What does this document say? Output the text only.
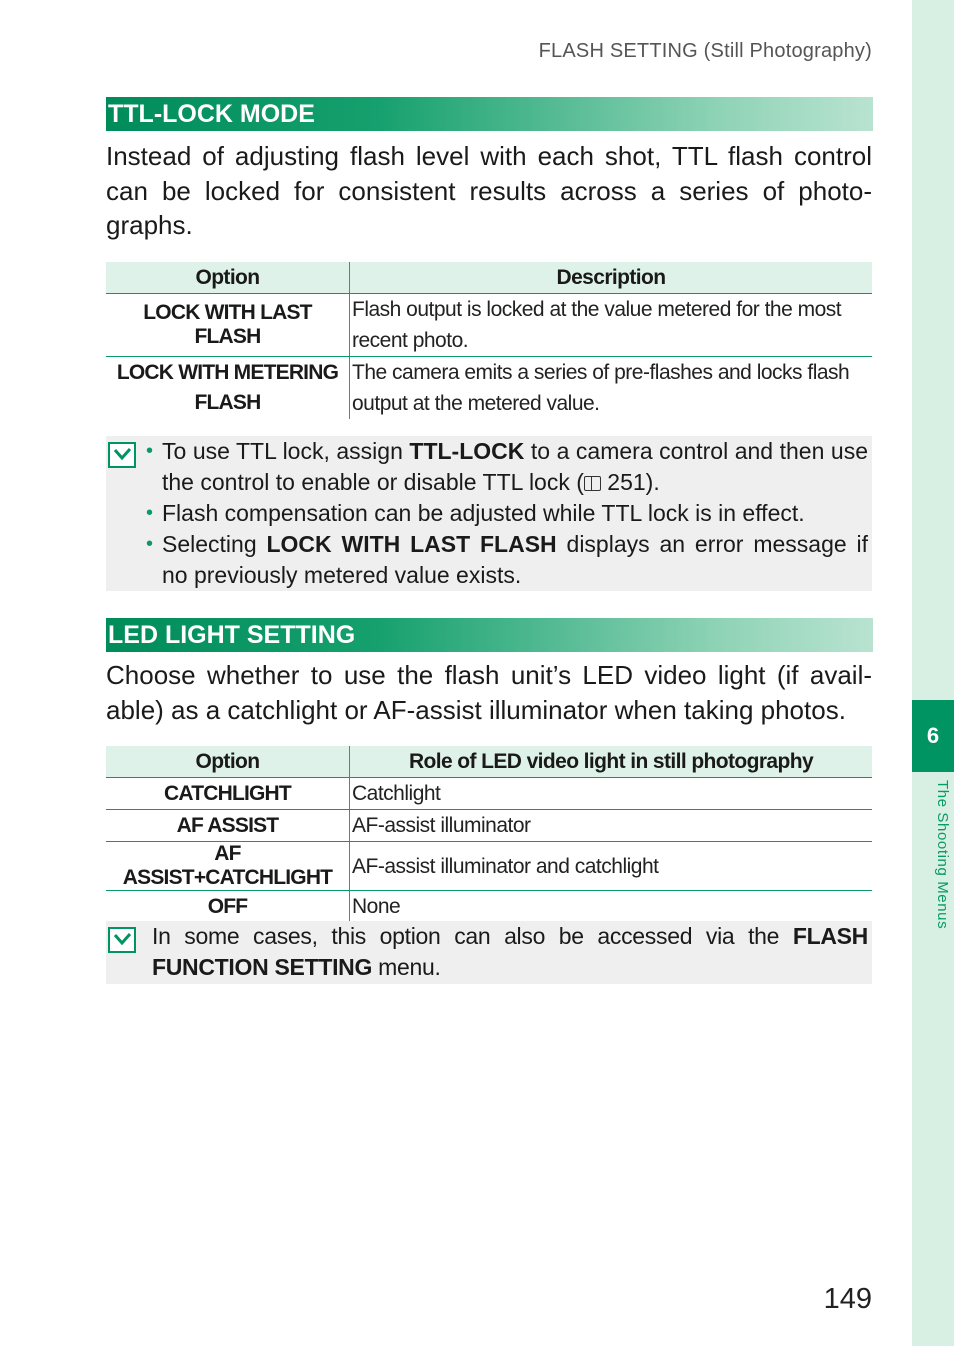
FLASH SETTING (Still Photography)
TTL-LOCK MODE

Instead of adjusting flash level with each shot, TTL flash control can be locked for consistent results across a series of photo-graphs.

Option	Description
LOCK WITH LAST FLASH	Flash output is locked at the value metered for the most recent photo.
LOCK WITH METERING FLASH	The camera emits a series of pre-flashes and locks flash output at the metered value.
• To use TTL lock, assign TTL-LOCK to a camera control and then use the control to enable or disable TTL lock ( 251).
• Flash compensation can be adjusted while TTL lock is in effect.
• Selecting LOCK WITH LAST FLASH displays an error message if no previously metered value exists.
LED LIGHT SETTING

Choose whether to use the flash unit’s LED video light (if avail-able) as a catchlight or AF-assist illuminator when taking photos.

Option	Role of LED video light in still photography
CATCHLIGHT	Catchlight
AF ASSIST	AF-assist illuminator
AF ASSIST+CATCHLIGHT	AF-assist illuminator and catchlight
OFF	None

In some cases, this option can also be accessed via the FLASH FUNCTION SETTING menu.

6
The Shooting Menus
149
